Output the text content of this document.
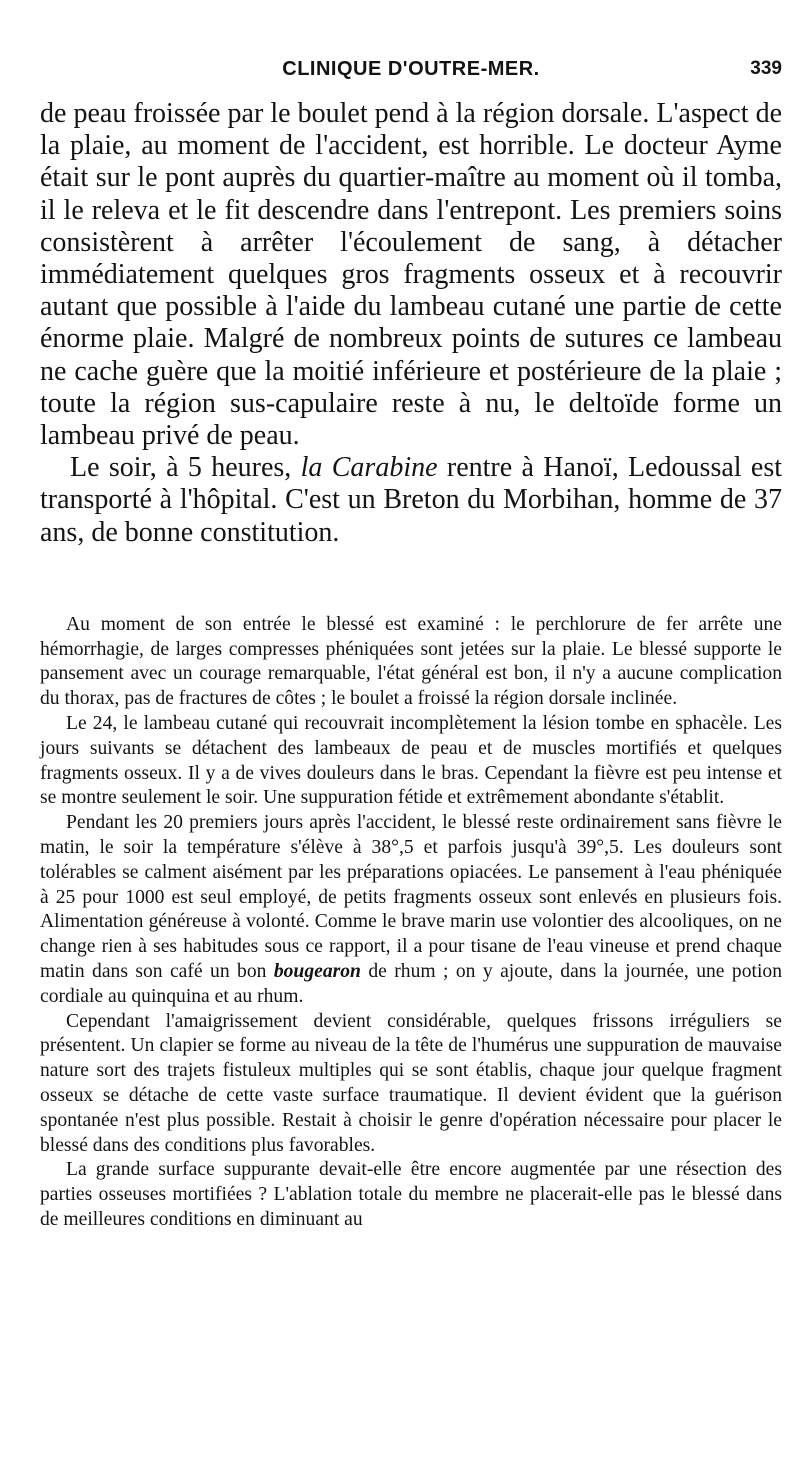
CLINIQUE D'OUTRE-MER.	339

de peau froissée par le boulet pend à la région dorsale. L'aspect de la plaie, au moment de l'accident, est horrible. Le docteur Ayme était sur le pont auprès du quartier-maître au moment où il tomba, il le releva et le fit descendre dans l'entrepont. Les premiers soins consistèrent à arrêter l'écoulement de sang, à détacher immédiatement quelques gros fragments osseux et à recouvrir autant que possible à l'aide du lambeau cutané une partie de cette énorme plaie. Malgré de nombreux points de sutures ce lambeau ne cache guère que la moitié inférieure et postérieure de la plaie ; toute la région sus-capulaire reste à nu, le deltoïde forme un lambeau privé de peau.

Le soir, à 5 heures, la Carabine rentre à Hanoï, Ledoussal est transporté à l'hôpital. C'est un Breton du Morbihan, homme de 37 ans, de bonne constitution.

Au moment de son entrée le blessé est examiné : le perchlorure de fer arrête une hémorrhagie, de larges compresses phéniquées sont jetées sur la plaie. Le blessé supporte le pansement avec un courage remarquable, l'état général est bon, il n'y a aucune complication du thorax, pas de fractures de côtes ; le boulet a froissé la région dorsale inclinée.

Le 24, le lambeau cutané qui recouvrait incomplètement la lésion tombe en sphacèle. Les jours suivants se détachent des lambeaux de peau et de muscles mortifiés et quelques fragments osseux. Il y a de vives douleurs dans le bras. Cependant la fièvre est peu intense et se montre seulement le soir. Une suppuration fétide et extrêmement abondante s'établit.

Pendant les 20 premiers jours après l'accident, le blessé reste ordinairement sans fièvre le matin, le soir la température s'élève à 38°,5 et parfois jusqu'à 39°,5. Les douleurs sont tolérables se calment aisément par les préparations opiacées. Le pansement à l'eau phéniquée à 25 pour 1000 est seul employé, de petits fragments osseux sont enlevés en plusieurs fois. Alimentation généreuse à volonté. Comme le brave marin use volontier des alcooliques, on ne change rien à ses habitudes sous ce rapport, il a pour tisane de l'eau vineuse et prend chaque matin dans son café un bon bougearon de rhum ; on y ajoute, dans la journée, une potion cordiale au quinquina et au rhum.

Cependant l'amaigrissement devient considérable, quelques frissons irréguliers se présentent. Un clapier se forme au niveau de la tête de l'humérus une suppuration de mauvaise nature sort des trajets fistuleux multiples qui se sont établis, chaque jour quelque fragment osseux se détache de cette vaste surface traumatique. Il devient évident que la guérison spontanée n'est plus possible. Restait à choisir le genre d'opération nécessaire pour placer le blessé dans des conditions plus favorables.

La grande surface suppurante devait-elle être encore augmentée par une résection des parties osseuses mortifiées ? L'ablation totale du membre ne placerait-elle pas le blessé dans de meilleures conditions en diminuant au
